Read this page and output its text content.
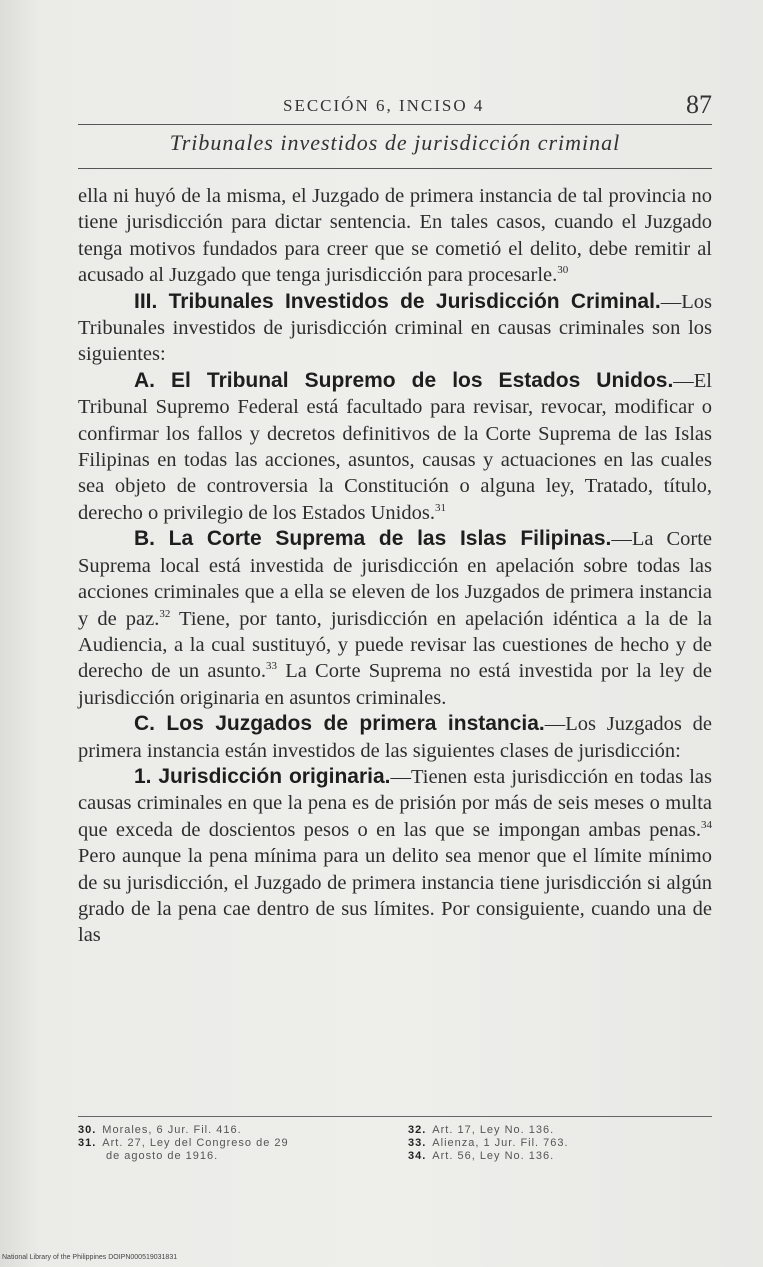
SECCIÓN 6, INCISO 4	87
Tribunales investidos de jurisdicción criminal

ella ni huyó de la misma, el Juzgado de primera instancia de tal provincia no tiene jurisdicción para dictar sentencia. En tales casos, cuando el Juzgado tenga motivos fundados para creer que se cometió el delito, debe remitir al acusado al Juzgado que tenga jurisdicción para procesarle.$^{30}$

III. Tribunales Investidos de Jurisdicción Criminal.—Los Tribunales investidos de jurisdicción criminal en causas criminales son los siguientes:

A. El Tribunal Supremo de los Estados Unidos.—El Tribunal Supremo Federal está facultado para revisar, revocar, modificar o confirmar los fallos y decretos definitivos de la Corte Suprema de las Islas Filipinas en todas las acciones, asuntos, causas y actuaciones en las cuales sea objeto de controversia la Constitución o alguna ley, Tratado, título, derecho o privilegio de los Estados Unidos.$^{31}$

B. La Corte Suprema de las Islas Filipinas.—La Corte Suprema local está investida de jurisdicción en apelación sobre todas las acciones criminales que a ella se eleven de los Juzgados de primera instancia y de paz.$^{32}$ Tiene, por tanto, jurisdicción en apelación idéntica a la de la Audiencia, a la cual sustituyó, y puede revisar las cuestiones de hecho y de derecho de un asunto.$^{33}$ La Corte Suprema no está investida por la ley de jurisdicción originaria en asuntos criminales.

C. Los Juzgados de primera instancia.—Los Juzgados de primera instancia están investidos de las siguientes clases de jurisdicción:

1. Jurisdicción originaria.—Tienen esta jurisdicción en todas las causas criminales en que la pena es de prisión por más de seis meses o multa que exceda de doscientos pesos o en las que se impongan ambas penas.$^{34}$ Pero aunque la pena mínima para un delito sea menor que el límite mínimo de su jurisdicción, el Juzgado de primera instancia tiene jurisdicción si algún grado de la pena cae dentro de sus límites. Por consiguiente, cuando una de las

30. Morales, 6 Jur. Fil. 416.
31. Art. 27, Ley del Congreso de 29
de agosto de 1916.
32. Art. 17, Ley No. 136.
33. Alienza, 1 Jur. Fil. 763.
34. Art. 56, Ley No. 136.
National Library of the Philippines DOIPN000519031831
